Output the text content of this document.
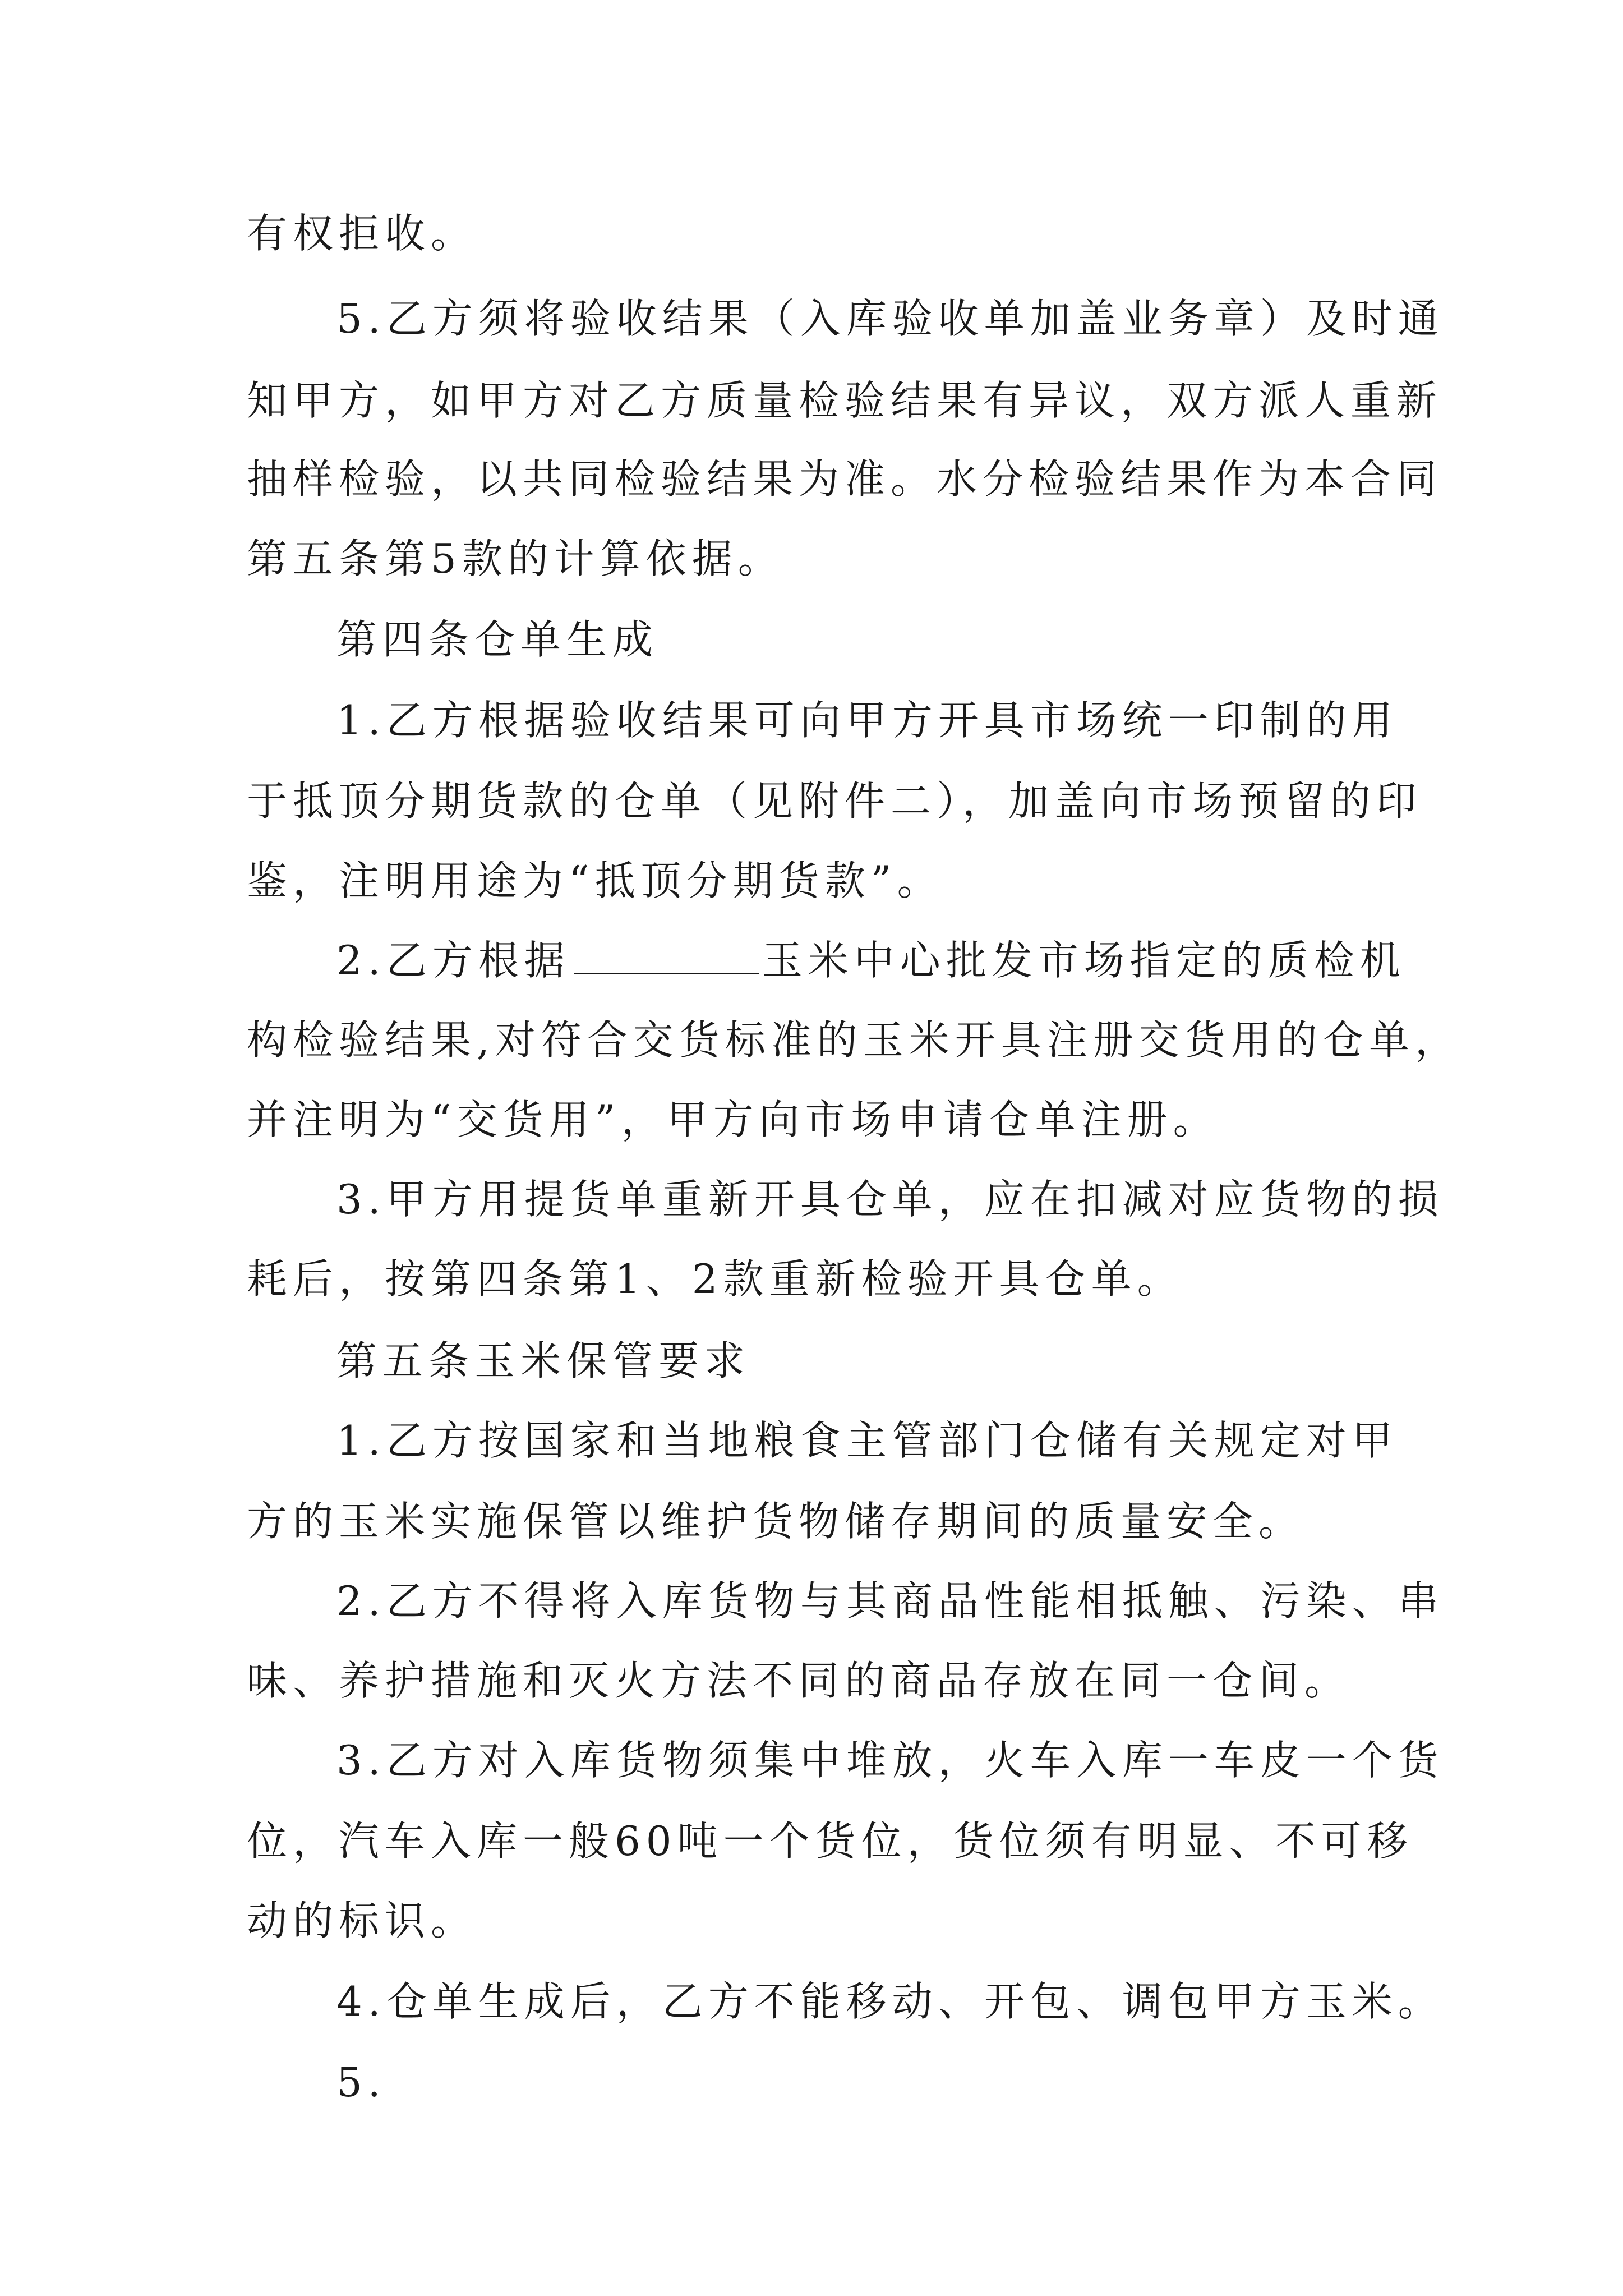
有权拒收。
5.乙方须将验收结果（入库验收单加盖业务章）及时通
知甲方，如甲方对乙方质量检验结果有异议，双方派人重新
抽样检验，以共同检验结果为准。水分检验结果作为本合同
第五条第5款的计算依据。
第四条仓单生成
1.乙方根据验收结果可向甲方开具市场统一印制的用
于抵顶分期货款的仓单（见附件二），加盖向市场预留的印
鉴，注明用途为“抵顶分期货款”。
2.乙方根据	玉米中心批发市场指定的质检机
构检验结果,对符合交货标准的玉米开具注册交货用的仓单，
并注明为“交货用”，甲方向市场申请仓单注册。
3.甲方用提货单重新开具仓单，应在扣减对应货物的损
耗后，按第四条第1、2款重新检验开具仓单。
第五条玉米保管要求
1.乙方按国家和当地粮食主管部门仓储有关规定对甲
方的玉米实施保管以维护货物储存期间的质量安全。
2.乙方不得将入库货物与其商品性能相抵触、污染、串
味、养护措施和灭火方法不同的商品存放在同一仓间。
3.乙方对入库货物须集中堆放，火车入库一车皮一个货
位，汽车入库一般60吨一个货位，货位须有明显、不可移
动的标识。
4.仓单生成后，乙方不能移动、开包、调包甲方玉米。
5.
